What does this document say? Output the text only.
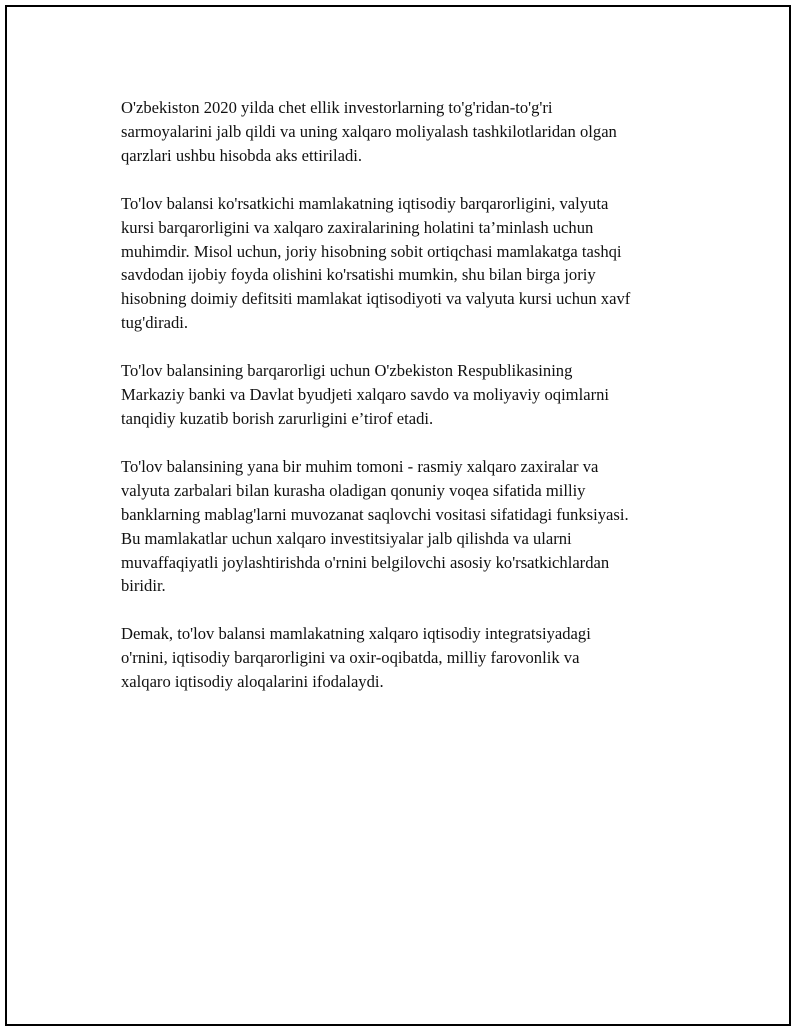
O'zbekiston 2020 yilda chet ellik investorlarning to'g'ridan-to'g'ri
sarmoyalarini jalb qildi va uning xalqaro moliyalash tashkilotlaridan olgan
qarzlari ushbu hisobda aks ettiriladi.

To'lov balansi ko'rsatkichi mamlakatning iqtisodiy barqarorligini, valyuta
kursi barqarorligini va xalqaro zaxiralarining holatini ta’minlash uchun
muhimdir. Misol uchun, joriy hisobning sobit ortiqchasi mamlakatga tashqi
savdodan ijobiy foyda olishini ko'rsatishi mumkin, shu bilan birga joriy
hisobning doimiy defitsiti mamlakat iqtisodiyoti va valyuta kursi uchun xavf
tug'diradi.

To'lov balansining barqarorligi uchun O'zbekiston Respublikasining
Markaziy banki va Davlat byudjeti xalqaro savdo va moliyaviy oqimlarni
tanqidiy kuzatib borish zarurligini e’tirof etadi.

To'lov balansining yana bir muhim tomoni - rasmiy xalqaro zaxiralar va
valyuta zarbalari bilan kurasha oladigan qonuniy voqea sifatida milliy
banklarning mablag'larni muvozanat saqlovchi vositasi sifatidagi funksiyasi.
Bu mamlakatlar uchun xalqaro investitsiyalar jalb qilishda va ularni
muvaffaqiyatli joylashtirishda o'rnini belgilovchi asosiy ko'rsatkichlardan
biridir.

Demak, to'lov balansi mamlakatning xalqaro iqtisodiy integratsiyadagi
o'rnini, iqtisodiy barqarorligini va oxir-oqibatda, milliy farovonlik va
xalqaro iqtisodiy aloqalarini ifodalaydi.
